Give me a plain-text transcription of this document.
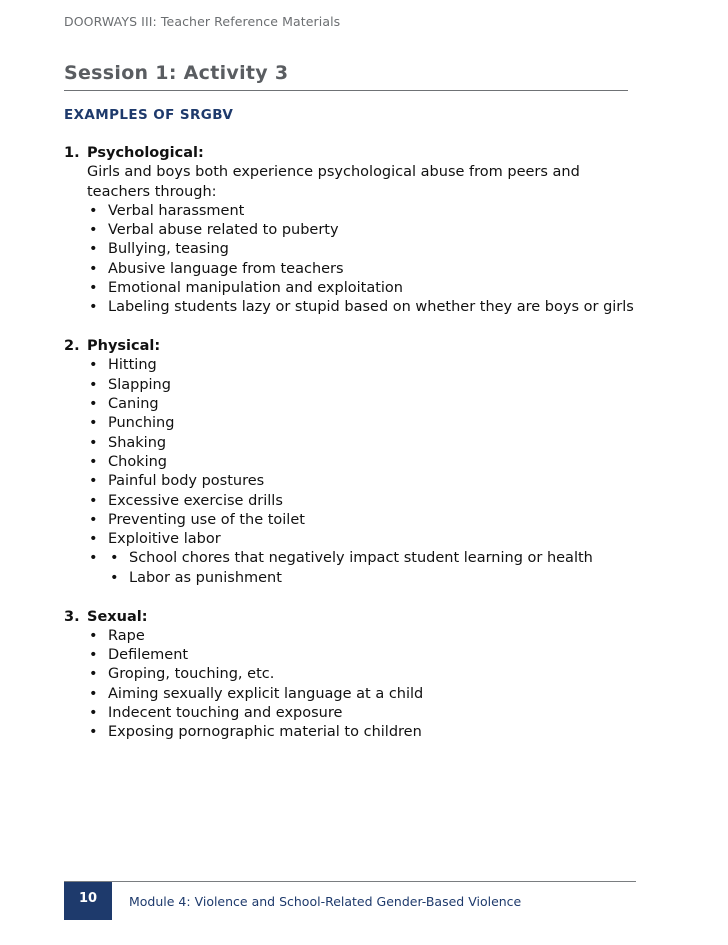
DOORWAYS III: Teacher Reference Materials
Session 1: Activity 3
EXAMPLES OF SRGBV
1. Psychological:
Girls and boys both experience psychological abuse from peers and
teachers through:
• Verbal harassment
• Verbal abuse related to puberty
• Bullying, teasing
• Abusive language from teachers
• Emotional manipulation and exploitation
• Labeling students lazy or stupid based on whether they are boys or girls
2. Physical:
• Hitting
• Slapping
• Caning
• Punching
• Shaking
• Choking
• Painful body postures
• Excessive exercise drills
• Preventing use of the toilet
• Exploitive labor
• • School chores that negatively impact student learning or health
• Labor as punishment
3. Sexual:
• Rape
• Defilement
• Groping, touching, etc.
• Aiming sexually explicit language at a child
• Indecent touching and exposure
• Exposing pornographic material to children
10	Module 4: Violence and School-Related Gender-Based Violence
